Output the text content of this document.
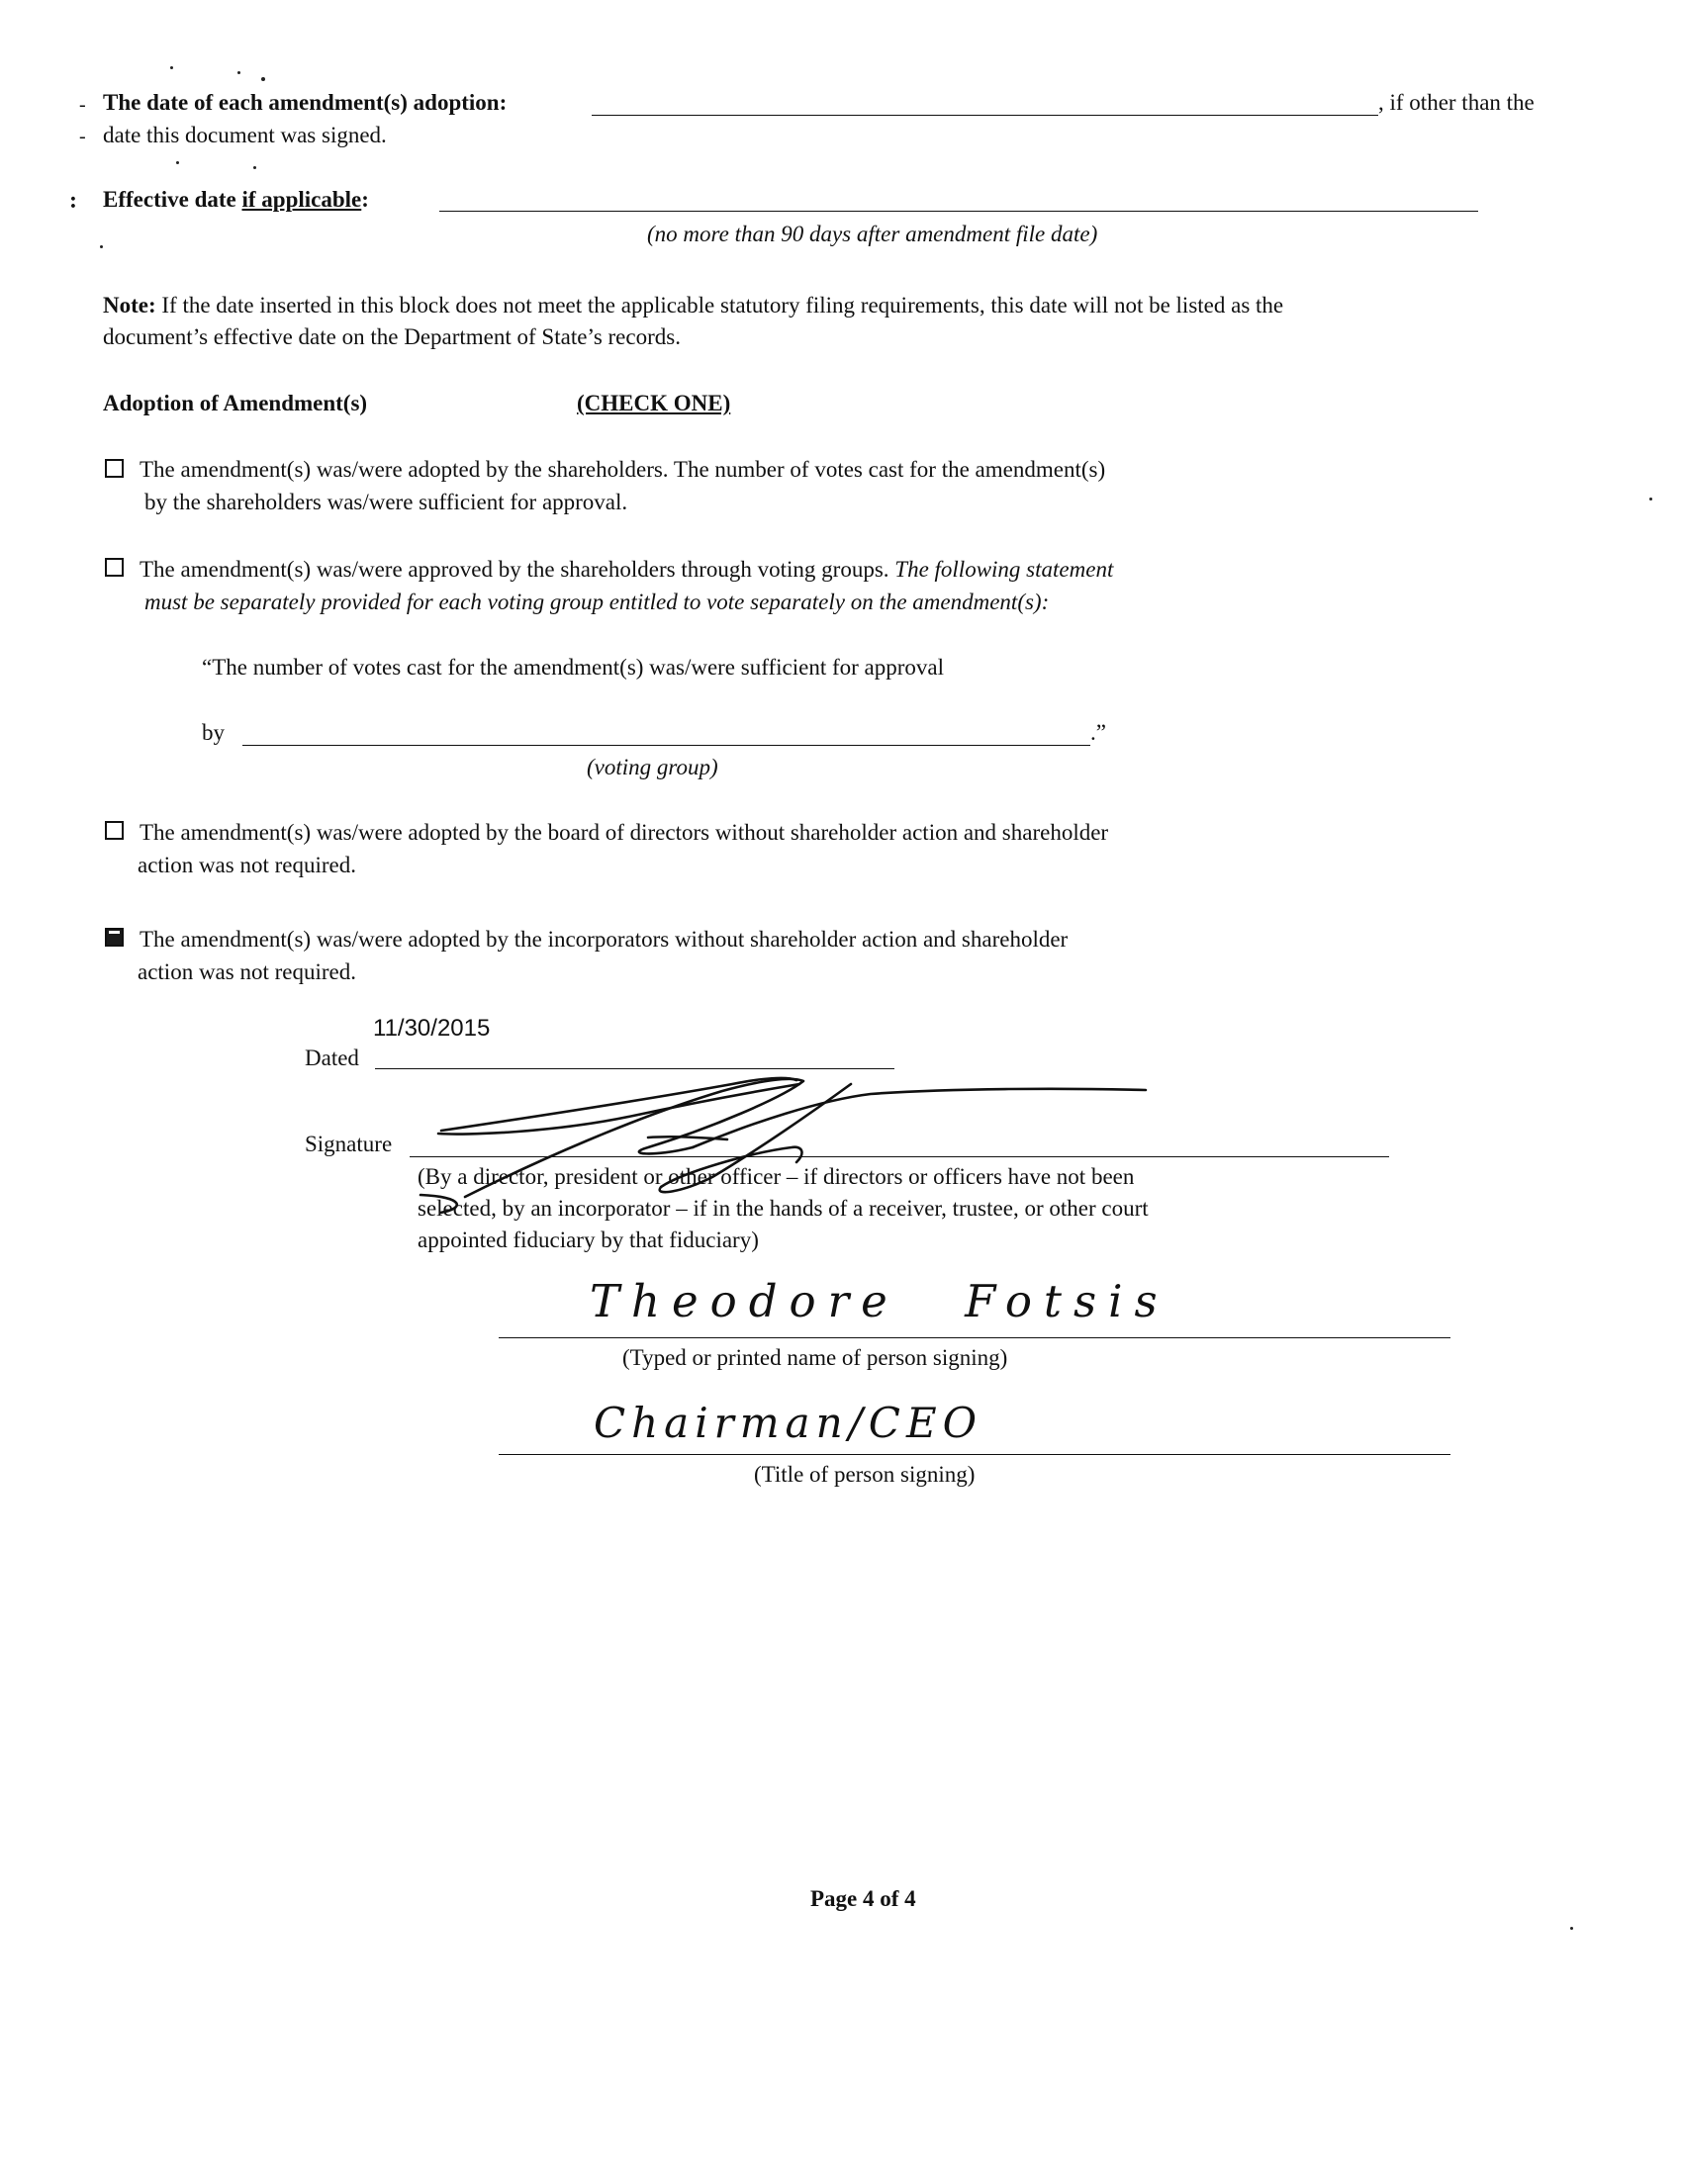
-
-
The date of each amendment(s) adoption:	, if other than the
date this document was signed.
: Effective date if applicable:
(no more than 90 days after amendment file date)
Note: If the date inserted in this block does not meet the applicable statutory filing requirements, this date will not be listed as the
document’s effective date on the Department of State’s records.
Adoption of Amendment(s)	(CHECK ONE)
The amendment(s) was/were adopted by the shareholders. The number of votes cast for the amendment(s)
by the shareholders was/were sufficient for approval.
The amendment(s) was/were approved by the shareholders through voting groups. The following statement
must be separately provided for each voting group entitled to vote separately on the amendment(s):
“The number of votes cast for the amendment(s) was/were sufficient for approval
by	.”
(voting group)
The amendment(s) was/were adopted by the board of directors without shareholder action and shareholder
action was not required.
The amendment(s) was/were adopted by the incorporators without shareholder action and shareholder
action was not required.
11/30/2015
Dated
Signature
(By a director, president or other officer – if directors or officers have not been
selected, by an incorporator – if in the hands of a receiver, trustee, or other court
appointed fiduciary by that fiduciary)
Theodore Fotsis
(Typed or printed name of person signing)
Chairman/CEO
(Title of person signing)
Page 4 of 4
